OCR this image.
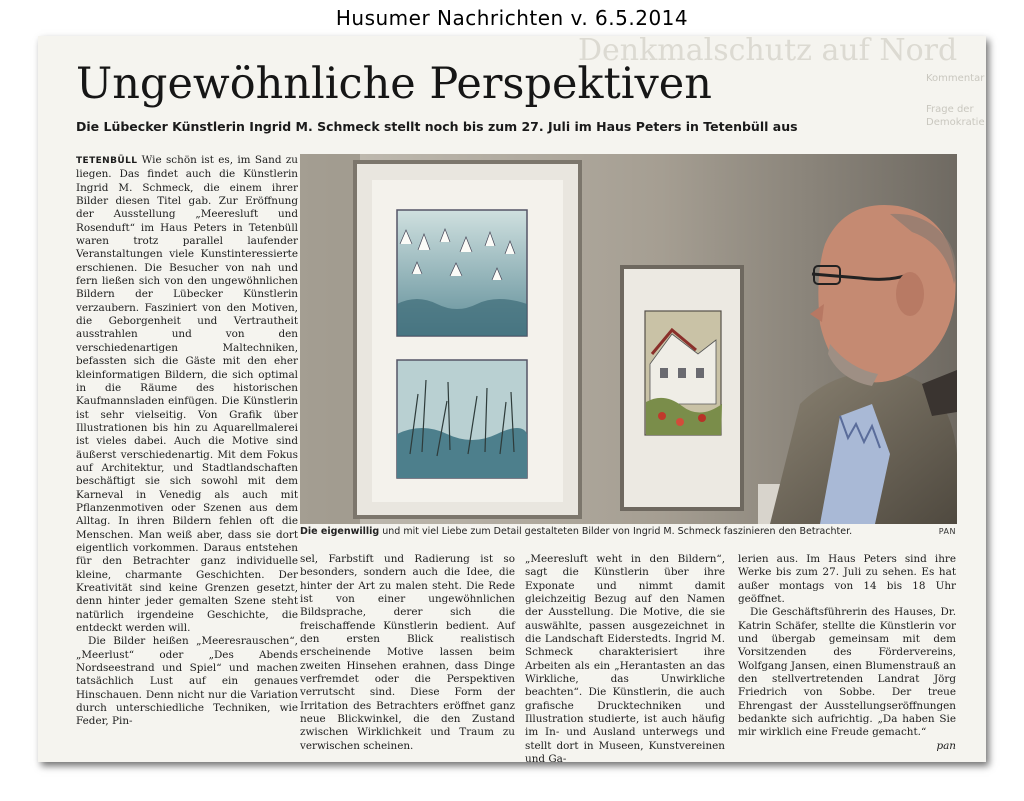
Husumer Nachrichten v. 6.5.2014
Denkmalschutz auf Nord
Kommentar
Frage der Demokratie
Ungewöhnliche Perspektiven
Die Lübecker Künstlerin Ingrid M. Schmeck stellt noch bis zum 27. Juli im Haus Peters in Tetenbüll aus

TETENBÜLL Wie schön ist es, im Sand zu liegen. Das findet auch die Künstlerin Ingrid M. Schmeck, die einem ihrer Bilder diesen Titel gab. Zur Eröffnung der Ausstellung „Meeresluft und Rosenduft“ im Haus Peters in Tetenbüll waren trotz parallel laufender Veranstaltungen viele Kunstinteressierte erschienen. Die Besucher von nah und fern ließen sich von den ungewöhnlichen Bildern der Lübecker Künstlerin verzaubern. Fasziniert von den Motiven, die Geborgenheit und Vertrautheit ausstrahlen und von den verschiedenartigen Maltechniken, befassten sich die Gäste mit den eher kleinformatigen Bildern, die sich optimal in die Räume des historischen Kaufmannsladen einfügen. Die Künstlerin ist sehr vielseitig. Von Grafik über Illustrationen bis hin zu Aquarellmalerei ist vieles dabei. Auch die Motive sind äußerst verschiedenartig. Mit dem Fokus auf Architektur, und Stadtlandschaften beschäftigt sie sich sowohl mit dem Karneval in Venedig als auch mit Pflanzenmotiven oder Szenen aus dem Alltag. In ihren Bildern fehlen oft die Menschen. Man weiß aber, dass sie dort eigentlich vorkommen. Daraus entstehen für den Betrachter ganz individuelle kleine, charmante Geschichten. Der Kreativität sind keine Grenzen gesetzt, denn hinter jeder gemalten Szene steht natürlich irgendeine Geschichte, die entdeckt werden will.

Die Bilder heißen „Meeresrauschen“, „Meerlust“ oder „Des Abends Nordseestrand und Spiel“ und machen tatsächlich Lust auf ein genaues Hinschauen. Denn nicht nur die Variation durch unterschiedliche Techniken, wie Feder, Pin-

Die eigenwillig und mit viel Liebe zum Detail gestalteten Bilder von Ingrid M. Schmeck faszinieren den Betrachter.	PAN

sel, Farbstift und Radierung ist so besonders, sondern auch die Idee, die hinter der Art zu malen steht. Die Rede ist von einer ungewöhnlichen Bildsprache, derer sich die freischaffende Künstlerin bedient. Auf den ersten Blick realistisch erscheinende Motive lassen beim zweiten Hinsehen erahnen, dass Dinge verfremdet oder die Perspektiven verrutscht sind. Diese Form der Irritation des Betrachters eröffnet ganz neue Blickwinkel, die den Zustand zwischen Wirklichkeit und Traum zu verwischen scheinen.

„Meeresluft weht in den Bildern“, sagt die Künstlerin über ihre Exponate und nimmt damit gleichzeitig Bezug auf den Namen der Ausstellung. Die Motive, die sie auswählte, passen ausgezeichnet in die Landschaft Eiderstedts. Ingrid M. Schmeck charakterisiert ihre Arbeiten als ein „Herantasten an das Wirkliche, das Unwirkliche beachten“. Die Künstlerin, die auch grafische Drucktechniken und Illustration studierte, ist auch häufig im In- und Ausland unterwegs und stellt dort in Museen, Kunstvereinen und Ga-

lerien aus. Im Haus Peters sind ihre Werke bis zum 27. Juli zu sehen. Es hat außer montags von 14 bis 18 Uhr geöffnet.

Die Geschäftsführerin des Hauses, Dr. Katrin Schäfer, stellte die Künstlerin vor und übergab gemeinsam mit dem Vorsitzenden des Fördervereins, Wolfgang Jansen, einen Blumenstrauß an den stellvertretenden Landrat Jörg Friedrich von Sobbe. Der treue Ehrengast der Ausstellungseröffnungen bedankte sich aufrichtig. „Da haben Sie mir wirklich eine Freude gemacht.“
pan
